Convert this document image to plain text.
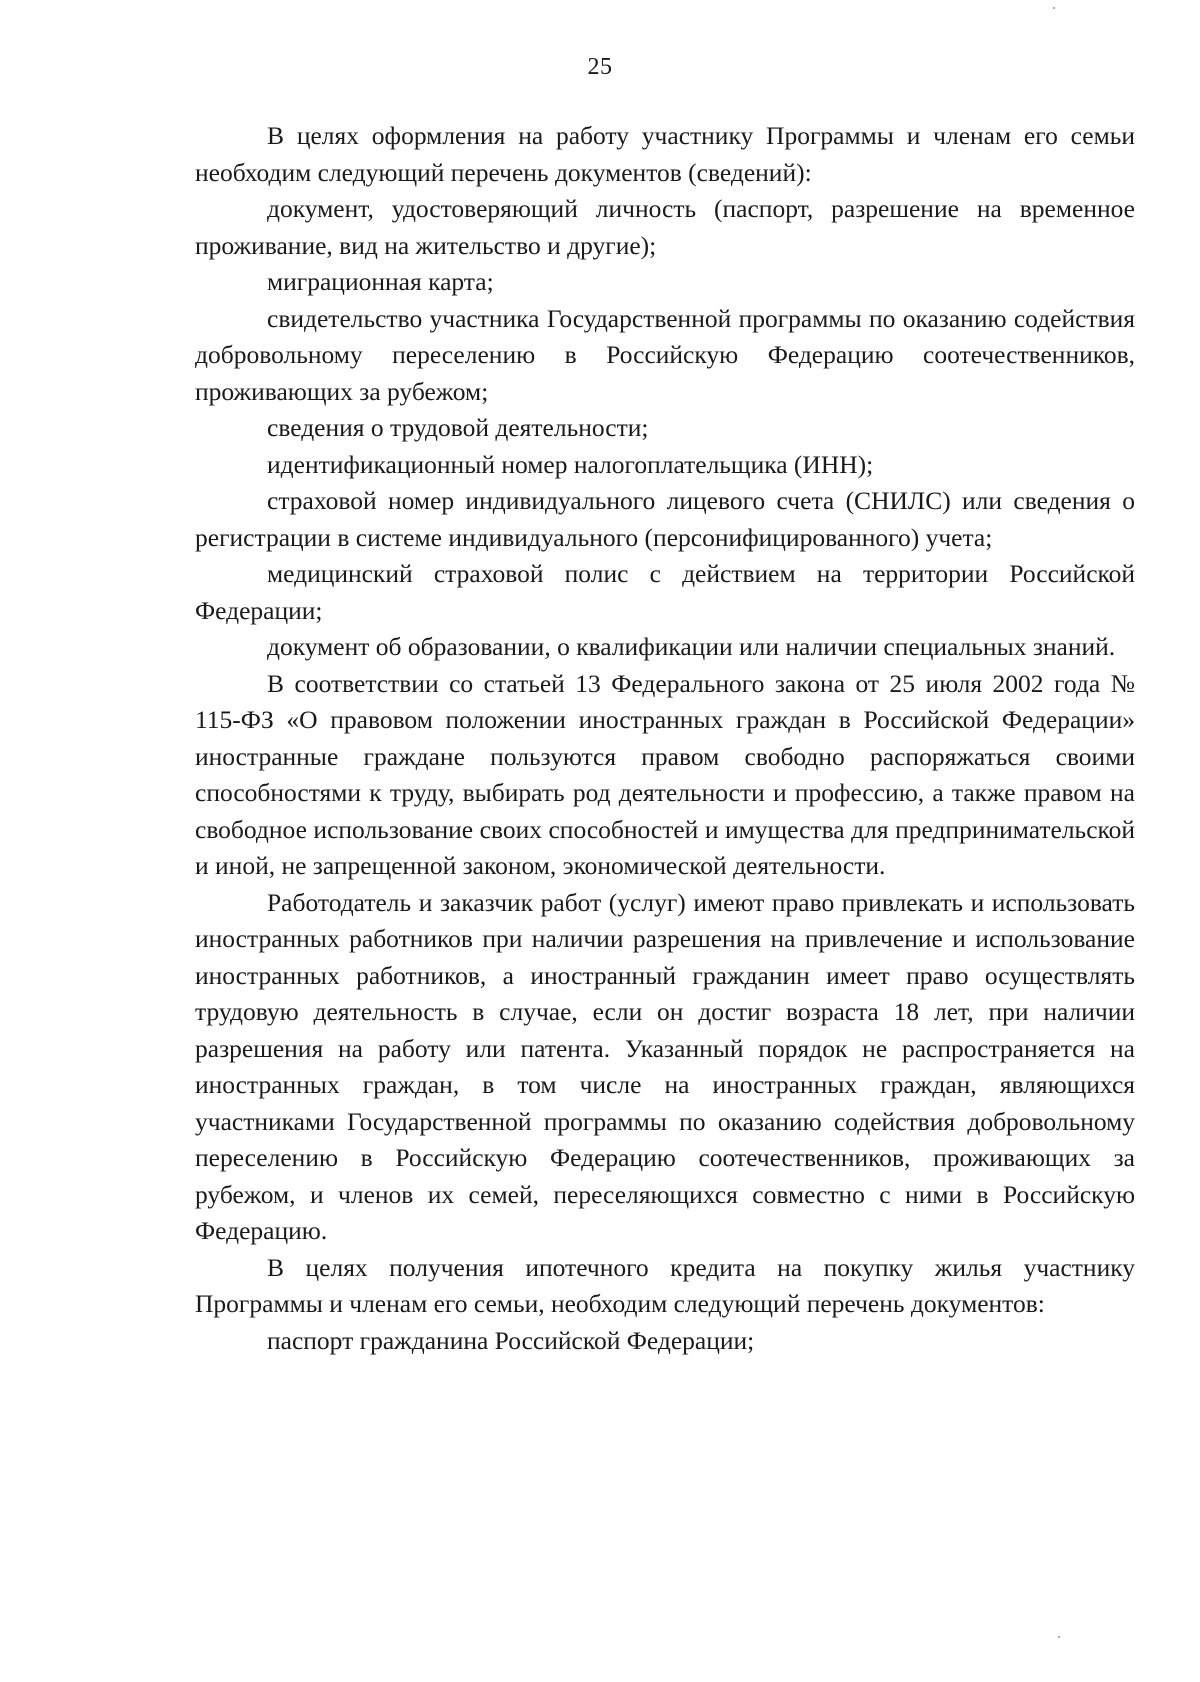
25

В целях оформления на работу участнику Программы и членам его семьи необходим следующий перечень документов (сведений):

документ, удостоверяющий личность (паспорт, разрешение на временное проживание, вид на жительство и другие);

миграционная карта;

свидетельство участника Государственной программы по оказанию содействия добровольному переселению в Российскую Федерацию соотечественников, проживающих за рубежом;

сведения о трудовой деятельности;

идентификационный номер налогоплательщика (ИНН);

страховой номер индивидуального лицевого счета (СНИЛС) или сведения о регистрации в системе индивидуального (персонифицированного) учета;

медицинский страховой полис с действием на территории Российской Федерации;

документ об образовании, о квалификации или наличии специальных знаний.

В соответствии со статьей 13 Федерального закона от 25 июля 2002 года № 115-ФЗ «О правовом положении иностранных граждан в Российской Федерации» иностранные граждане пользуются правом свободно распоряжаться своими способностями к труду, выбирать род деятельности и профессию, а также правом на свободное использование своих способностей и имущества для предпринимательской и иной, не запрещенной законом, экономической деятельности.

Работодатель и заказчик работ (услуг) имеют право привлекать и использовать иностранных работников при наличии разрешения на привлечение и использование иностранных работников, а иностранный гражданин имеет право осуществлять трудовую деятельность в случае, если он достиг возраста 18 лет, при наличии разрешения на работу или патента. Указанный порядок не распространяется на иностранных граждан, в том числе на иностранных граждан, являющихся участниками Государственной программы по оказанию содействия добровольному переселению в Российскую Федерацию соотечественников, проживающих за рубежом, и членов их семей, переселяющихся совместно с ними в Российскую Федерацию.

В целях получения ипотечного кредита на покупку жилья участнику Программы и членам его семьи, необходим следующий перечень документов:

паспорт гражданина Российской Федерации;
